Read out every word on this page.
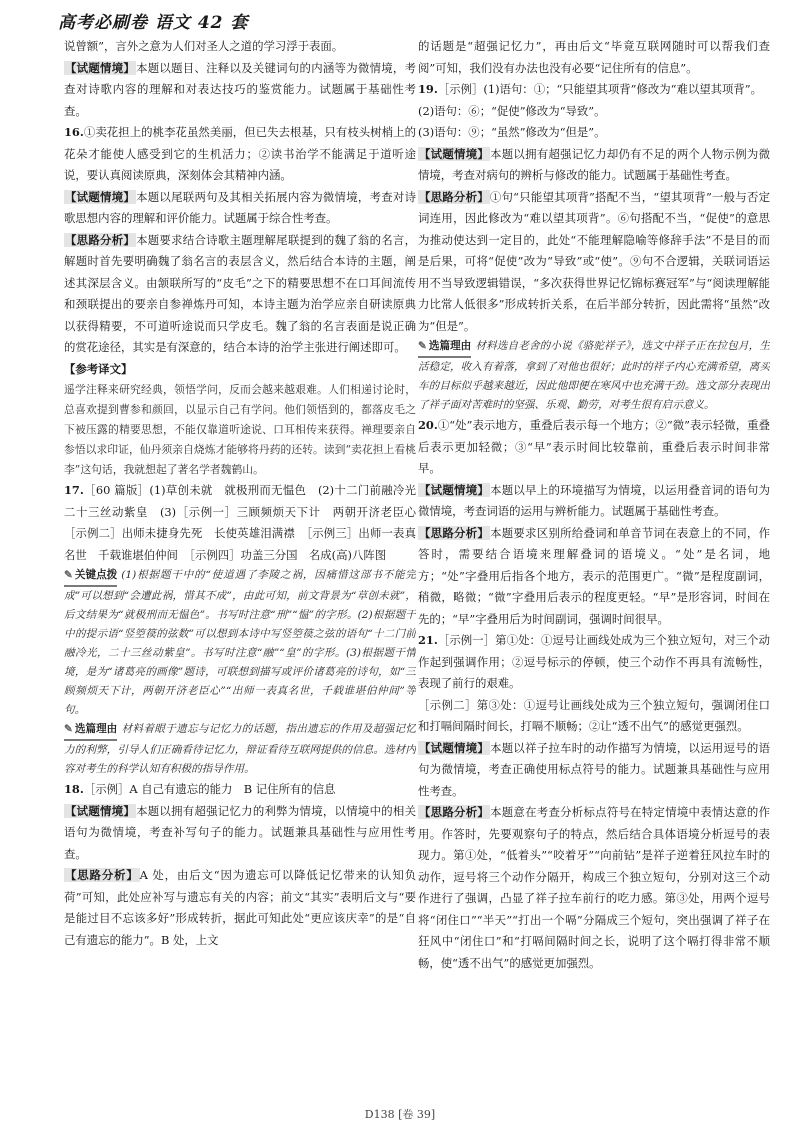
高考必刷卷 语文 42 套

说曾额”，言外之意为人们对圣人之道的学习浮于表面。

【试题情境】本题以题目、注释以及关键词句的内涵等为微情境，考查对诗歌内容的理解和对表达技巧的鉴赏能力。试题属于基础性考查。

16.①卖花担上的桃李花虽然美丽，但已失去根基，只有枝头树梢上的花朵才能使人感受到它的生机活力；②读书治学不能满足于道听途说，要认真阅读原典，深刻体会其精神内涵。

【试题情境】本题以尾联两句及其相关拓展内容为微情境，考查对诗歌思想内容的理解和评价能力。试题属于综合性考查。

【思路分析】本题要求结合诗歌主题理解尾联提到的魏了翁的名言，解题时首先要明确魏了翁名言的表层含义，然后结合本诗的主题，阐述其深层含义。由颔联所写的“皮毛”之下的精要思想不在口耳间流传和颈联提出的要亲自参禅炼丹可知，本诗主题为治学应亲自研读原典以获得精要，不可道听途说而只学皮毛。魏了翁的名言表面是说正确的赏花途径，其实是有深意的，结合本诗的治学主张进行阐述即可。

【参考译文】

遥学注释来研究经典，领悟学问，反而会越来越艰难。人们相递讨论时，总喜欢提到曹参和颜回，以显示自己有学问。他们领悟到的，都落皮毛之下被压露的精要思想，不能仅靠道听途说、口耳相传来获得。禅理要亲自参悟以求印证，仙丹须亲自烧炼才能够将丹药的还转。读到“卖花担上看桃李”这句话，我就想起了著名学者魏鹤山。

17.［60 篇版］(1)草创未就　就极刑而无愠色　(2)十二门前融冷光　二十三丝动紫皇　(3)［示例一］三顾频烦天下计　两朝开济老臣心　［示例二］出师未捷身先死　长使英雄泪满襟　［示例三］出师一表真名世　千载谁堪伯仲间　［示例四］功盖三分国　名成(高)八阵图

✎ 关键点拨 (1)根据题干中的“使道遇了李陵之祸，因痛惜这部书不能完成”可以想到“会遭此祸，惜其不成”，由此可知，前文背景为“草创未就”，后文结果为“就极刑而无愠色”。书写时注意“刑”“愠”的字形。(2)根据题干中的提示语“竖箜篌的弦数”可以想到本诗中写竖箜篌之弦的语句“十二门前融冷光，二十三丝动紫皇”。书写时注意“融”“皇”的字形。(3)根据题干情境，是为“诸葛亮的画像”题诗，可联想到描写或评价诸葛亮的诗句，如“三顾频烦天下计，两朝开济老臣心”“出师一表真名世，千载谁堪伯仲间”等句。

✎ 选篇理由 材料着眼于遗忘与记忆力的话题，指出遗忘的作用及超强记忆力的利弊，引导人们正确看待记忆力，辩证看待互联网提供的信息。选材内容对考生的科学认知有积极的指导作用。

18.［示例］A 自己有遗忘的能力　B 记住所有的信息

【试题情境】本题以拥有超强记忆力的利弊为情境，以情境中的相关语句为微情境，考查补写句子的能力。试题兼具基础性与应用性考查。

【思路分析】A 处，由后文“因为遗忘可以降低记忆带来的认知负荷”可知，此处应补写与遗忘有关的内容；前文“其实”表明后文与“要是能过目不忘该多好”形成转折，据此可知此处“更应该庆幸”的是“自己有遗忘的能力”。B 处，上文

的话题是“超强记忆力”，再由后文“毕竟互联网随时可以帮我们查阅”可知，我们没有办法也没有必要“记住所有的信息”。

19.［示例］(1)语句：①；“只能望其项背”修改为“难以望其项背”。

(2)语句：⑥；“促使”修改为“导致”。

(3)语句：⑨；“虽然”修改为“但是”。

【试题情境】本题以拥有超强记忆力却仍有不足的两个人物示例为微情境，考查对病句的辨析与修改的能力。试题属于基础性考查。

【思路分析】①句“只能望其项背”搭配不当，“望其项背”一般与否定词连用，因此修改为“难以望其项背”。⑥句搭配不当，“促使”的意思为推动使达到一定目的，此处“不能理解隐喻等修辞手法”不是目的而是后果，可将“促使”改为“导致”或“使”。⑨句不合逻辑，关联词语运用不当导致逻辑错误，“多次获得世界记忆锦标赛冠军”与“阅读理解能力比常人低很多”形成转折关系，在后半部分转折，因此需将“虽然”改为“但是”。

✎ 选篇理由 材料选自老舍的小说《骆驼祥子》，选文中祥子正在拉包月，生活稳定，收入有着落，拿到了对他也很好；此时的祥子内心充满希望，离买车的目标似乎越来越近，因此他即便在寒风中也充满干劲。选文部分表现出了祥子面对苦难时的坚强、乐观、勤劳，对考生很有启示意义。

20.①“处”表示地方，重叠后表示每一个地方；②“微”表示轻微，重叠后表示更加轻微；③“早”表示时间比较靠前，重叠后表示时间非常早。

【试题情境】本题以早上的环境描写为情境，以运用叠音词的语句为微情境，考查词语的运用与辨析能力。试题属于基础性考查。

【思路分析】本题要求区别所给叠词和单音节词在表意上的不同，作答时，需要结合语境来理解叠词的语境义。“处”是名词，地方；“处”字叠用后指各个地方，表示的范围更广。“微”是程度副词，稍微，略微；“微”字叠用后表示的程度更轻。“早”是形容词，时间在先的；“早”字叠用后为时间副词，强调时间很早。

21.［示例一］第①处：①逗号让画线处成为三个独立短句，对三个动作起到强调作用；②逗号标示的停顿，使三个动作不再具有流畅性，表现了前行的艰难。

［示例二］第③处：①逗号让画线处成为三个独立短句，强调闭住口和打嗝间隔时间长，打嗝不顺畅；②让“透不出气”的感觉更强烈。

【试题情境】本题以祥子拉车时的动作描写为情境，以运用逗号的语句为微情境，考查正确使用标点符号的能力。试题兼具基础性与应用性考查。

【思路分析】本题意在考查分析标点符号在特定情境中表情达意的作用。作答时，先要观察句子的特点，然后结合具体语境分析逗号的表现力。第①处，“低着头”“咬着牙”“向前钻”是祥子逆着狂风拉车时的动作，逗号将三个动作分隔开，构成三个独立短句，分别对这三个动作进行了强调，凸显了祥子拉车前行的吃力感。第③处，用两个逗号将“闭住口”“半天”“打出一个嗝”分隔成三个短句，突出强调了祥子在狂风中“闭住口”和“打嗝间隔时间之长，说明了这个嗝打得非常不顺畅，使“透不出气”的感觉更加强烈。

D138 [卷 39]
